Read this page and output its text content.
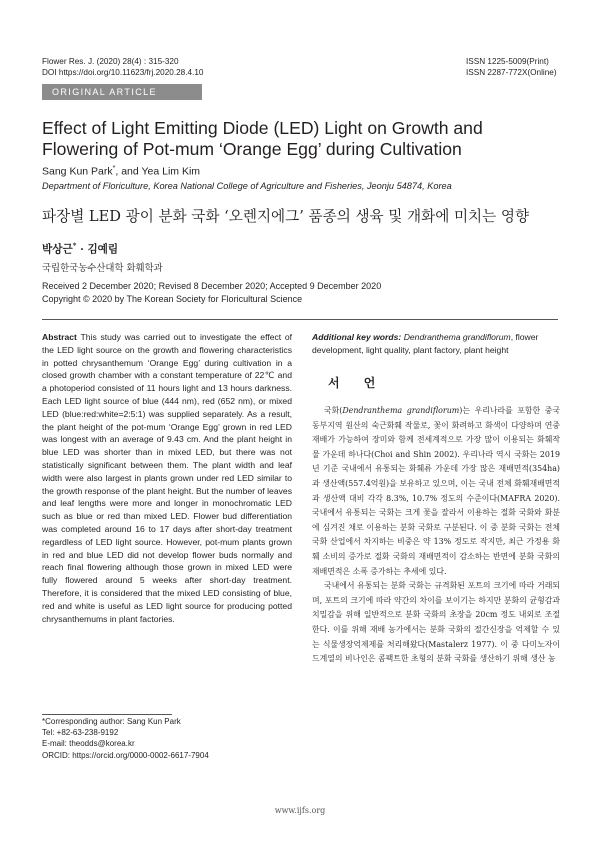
Flower Res. J. (2020) 28(4) : 315-320
DOI https://doi.org/10.11623/frj.2020.28.4.10
ISSN 1225-5009(Print)
ISSN 2287-772X(Online)
ORIGINAL ARTICLE
Effect of Light Emitting Diode (LED) Light on Growth and Flowering of Pot-mum ‘Orange Egg’ during Cultivation
Sang Kun Park*, and Yea Lim Kim
Department of Floriculture, Korea National College of Agriculture and Fisheries, Jeonju 54874, Korea
파장별 LED 광이 분화 국화 ‘오렌지에그’ 품종의 생육 및 개화에 미치는 영향
박상근* · 김예림
국립한국농수산대학 화훼학과
Received 2 December 2020; Revised 8 December 2020; Accepted 9 December 2020
Copyright © 2020 by The Korean Society for Floricultural Science
Abstract This study was carried out to investigate the effect of the LED light source on the growth and flowering characteristics in potted chrysanthemum ‘Orange Egg’ during cultivation in a closed growth chamber with a constant temperature of 22℃ and a photoperiod consisted of 11 hours light and 13 hours darkness. Each LED light source of blue (444 nm), red (652 nm), or mixed LED (blue:red:white=2:5:1) was supplied separately. As a result, the plant height of the pot-mum ‘Orange Egg’ grown in red LED was longest with an average of 9.43 cm. And the plant height in blue LED was shorter than in mixed LED, but there was not statistically significant between them. The plant width and leaf width were also largest in plants grown under red LED similar to the growth response of the plant height. But the number of leaves and leaf lengths were more and longer in monochromatic LED such as blue or red than mixed LED. Flower bud differentiation was completed around 16 to 17 days after short-day treatment regardless of LED light source. However, pot-mum plants grown in red and blue LED did not develop flower buds normally and reach final flowering although those grown in mixed LED were fully flowered around 5 weeks after short-day treatment. Therefore, it is considered that the mixed LED consisting of blue, red and white is useful as LED light source for producing potted chrysanthemums in plant factories.
*Corresponding author: Sang Kun Park
Tel: +82-63-238-9192
E-mail: theodds@korea.kr
ORCID: https://orcid.org/0000-0002-6617-7904
Additional key words: Dendranthema grandiflorum, flower development, light quality, plant factory, plant height
서 언

국화(Dendranthema grandiflorum)는 우리나라를 포함한 중국 동부지역 원산의 숙근화훼 작물로, 꽃이 화려하고 화색이 다양하며 연중재배가 가능하여 장미와 함께 전세계적으로 가장 많이 이용되는 화훼작물 가운데 하나다(Choi and Shin 2002). 우리나라 역시 국화는 2019년 기준 국내에서 유통되는 화훼류 가운데 가장 많은 재배면적(354ha)과 생산액(557.4억원)을 보유하고 있으며, 이는 국내 전체 화훼재배면적과 생산액 대비 각각 8.3%, 10.7% 정도의 수준이다(MAFRA 2020). 국내에서 유통되는 국화는 크게 꽃을 잘라서 이용하는 절화 국화와 화분에 심겨진 채로 이용하는 분화 국화로 구분된다. 이 중 분화 국화는 전체 국화 산업에서 차지하는 비중은 약 13% 정도로 작지만, 최근 가정용 화훼 소비의 증가로 절화 국화의 재배면적이 감소하는 반면에 분화 국화의 재배면적은 소폭 증가하는 추세에 있다.

국내에서 유통되는 분화 국화는 규격화된 포트의 크기에 따라 거래되며, 포트의 크기에 따라 약간의 차이를 보이기는 하지만 분화의 균형감과 치밀감을 위해 일반적으로 분화 국화의 초장을 20cm 정도 내외로 조절한다. 이를 위해 재배 농가에서는 분화 국화의 절간신장을 억제할 수 있는 식물생장억제제를 처리해왔다(Mastalerz 1977). 이 중 다미노자이드계열의 비나인은 콤팩트한 초형의 분화 국화를 생산하기 위해 생산 농

www.ijfs.org
